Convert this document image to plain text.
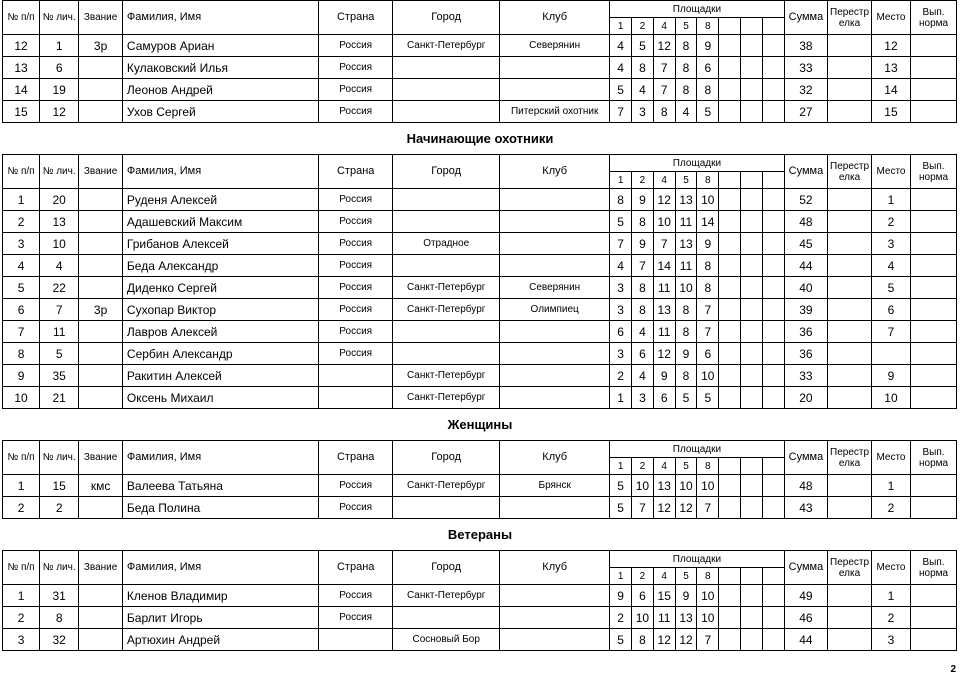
№ п/п	№ лич.	Звание	Фамилия, Имя	Страна	Город	Клуб	Площадки								Сумма	Перестрелка	Место	Вып. норма
							1	2	4	5	8							
12	1	3р	Самуров Ариан	Россия	Санкт-Петербург	Северянин	4	5	12	8	9				38		12	
13	6		Кулаковский Илья	Россия			4	8	7	8	6				33		13	
14	19		Леонов Андрей	Россия			5	4	7	8	8				32		14	
15	12		Ухов Сергей	Россия		Питерский охотник	7	3	8	4	5				27		15	
Начинающие охотники
№ п/п	№ лич.	Звание	Фамилия, Имя	Страна	Город	Клуб	Площадки								Сумма	Перестрелка	Место	Вып. норма
							1	2	4	5	8							
1	20		Руденя Алексей	Россия			8	9	12	13	10				52		1	
2	13		Адашевский Максим	Россия			5	8	10	11	14				48		2	
3	10		Грибанов Алексей	Россия	Отрадное		7	9	7	13	9				45		3	
4	4		Беда Александр	Россия			4	7	14	11	8				44		4	
5	22		Диденко Сергей	Россия	Санкт-Петербург	Северянин	3	8	11	10	8				40		5	
6	7	3р	Сухопар Виктор	Россия	Санкт-Петербург	Олимпиец	3	8	13	8	7				39		6	
7	11		Лавров Алексей	Россия			6	4	11	8	7				36		7	
8	5		Сербин Александр	Россия			3	6	12	9	6				36			
9	35		Ракитин Алексей		Санкт-Петербург		2	4	9	8	10				33		9	
10	21		Оксень Михаил		Санкт-Петербург		1	3	6	5	5				20		10	
Женщины
№ п/п	№ лич.	Звание	Фамилия, Имя	Страна	Город	Клуб	Площадки								Сумма	Перестрелка	Место	Вып. норма
							1	2	4	5	8							
1	15	кмс	Валеева Татьяна	Россия	Санкт-Петербург	Брянск	5	10	13	10	10				48		1	
2	2		Беда Полина	Россия			5	7	12	12	7				43		2	
Ветераны
№ п/п	№ лич.	Звание	Фамилия, Имя	Страна	Город	Клуб	Площадки								Сумма	Перестрелка	Место	Вып. норма
							1	2	4	5	8							
1	31		Кленов Владимир	Россия	Санкт-Петербург		9	6	15	9	10				49		1	
2	8		Барлит Игорь	Россия			2	10	11	13	10				46		2	
3	32		Артюхин Андрей		Сосновый Бор		5	8	12	12	7				44		3	
2
